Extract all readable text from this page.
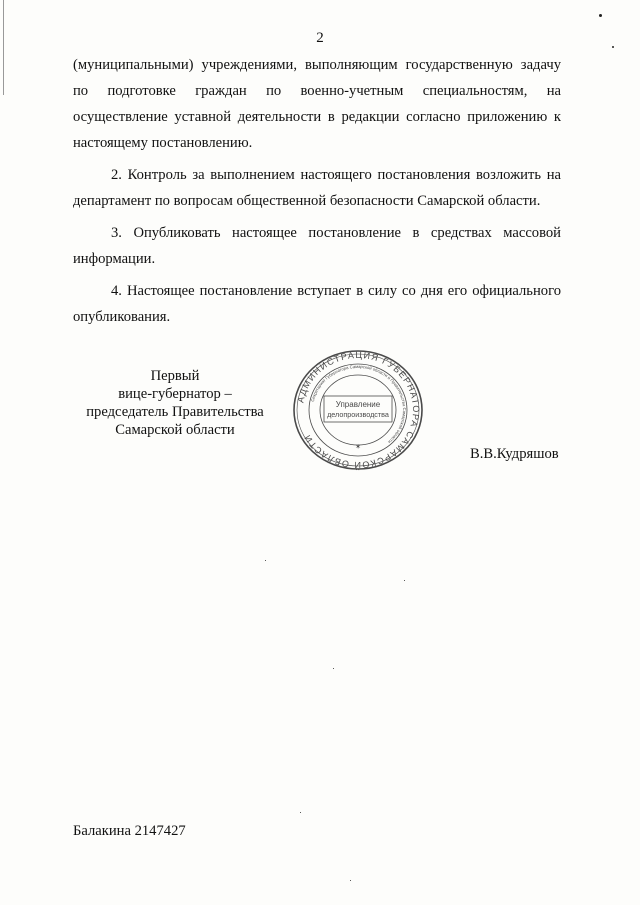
2

(муниципальными) учреждениями, выполняющим государственную задачу по подготовке граждан по военно-учетным специальностям, на осуществление уставной деятельности в редакции согласно приложению к настоящему постановлению.

2. Контроль за выполнением настоящего постановления возложить на департамент по вопросам общественной безопасности Самарской области.

3. Опубликовать настоящее постановление в средствах массовой информации.

4. Настоящее постановление вступает в силу со дня его официального опубликования.

Первый
вице-губернатор –
председатель Правительства
Самарской области
АДМИНИСТРАЦИЯ ГУБЕРНАТОРА САМАРСКОЙ ОБЛАСТИ
Секретариат Губернатора Самарской области и Правительства Самарской области
Управление
делопроизводства
✶	В.В.Кудряшов
Балакина 2147427
